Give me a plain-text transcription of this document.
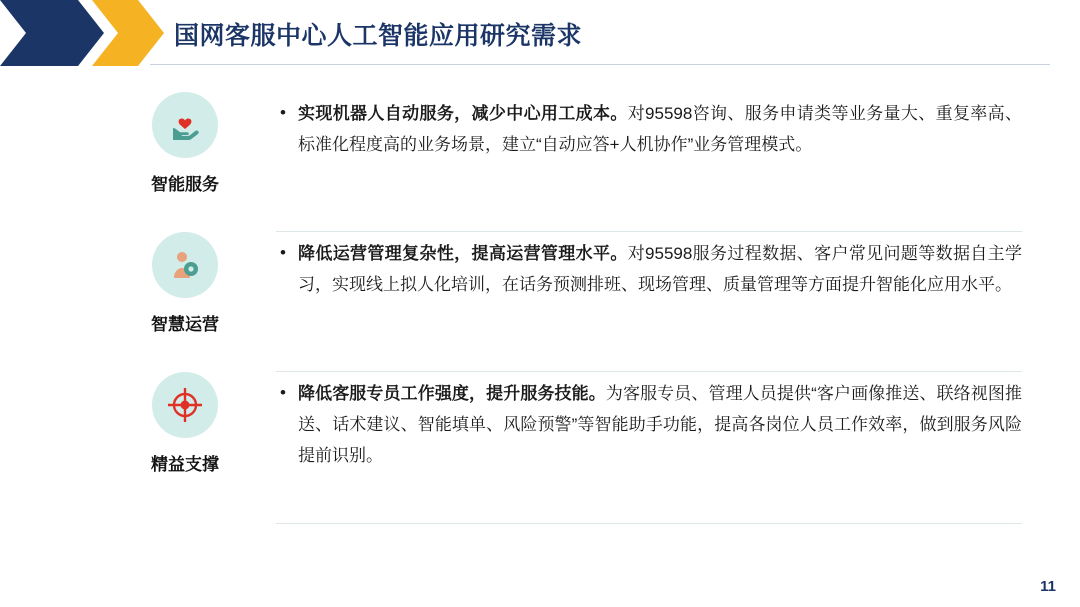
国网客服中心人工智能应用研究需求
智能服务
• 实现机器人自动服务，减少中心用工成本。对95598咨询、服务申请类等业务量大、重复率高、标准化程度高的业务场景，建立“自动应答+人机协作”业务管理模式。
智慧运营
• 降低运营管理复杂性，提高运营管理水平。对95598服务过程数据、客户常见问题等数据自主学习，实现线上拟人化培训，在话务预测排班、现场管理、质量管理等方面提升智能化应用水平。
精益支撑
• 降低客服专员工作强度，提升服务技能。为客服专员、管理人员提供“客户画像推送、联络视图推送、话术建议、智能填单、风险预警”等智能助手功能，提高各岗位人员工作效率，做到服务风险提前识别。
11
